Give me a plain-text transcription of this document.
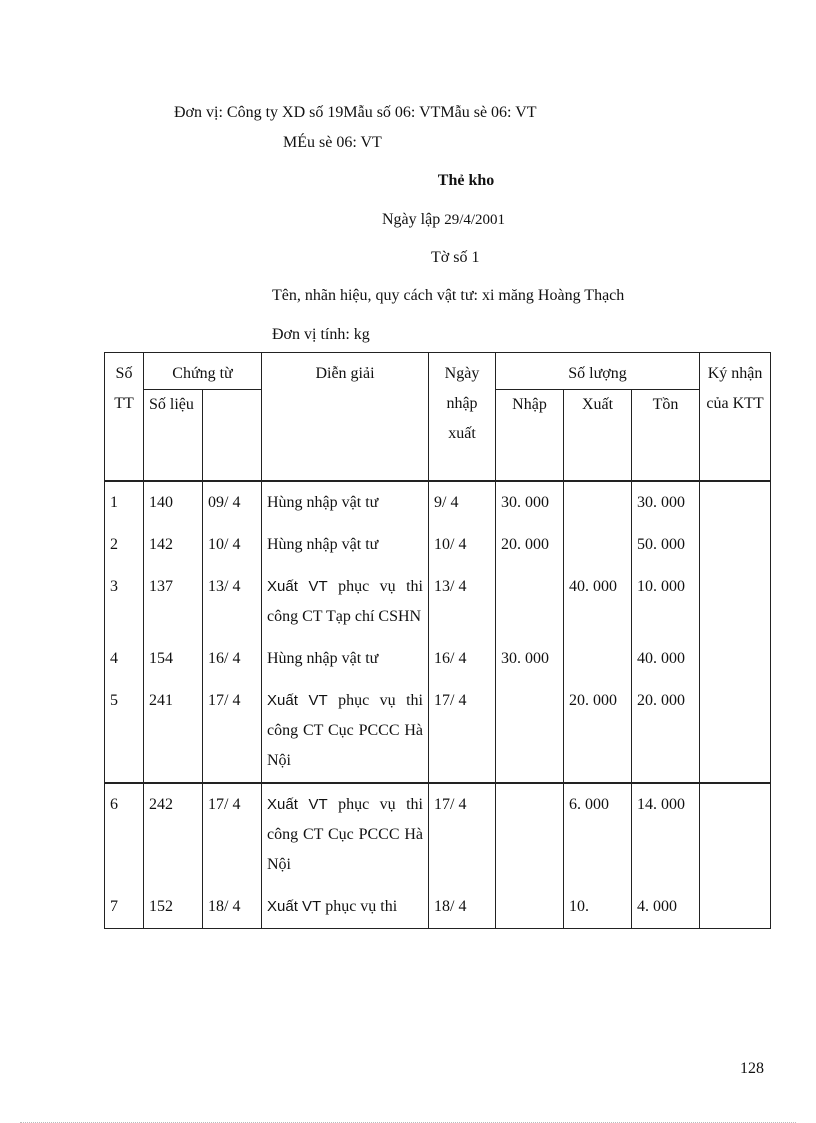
Đơn vị: Công ty XD số 19Mẫu số 06: VTMẫu sè 06: VT
MÉu sè 06: VT
Thẻ kho
Ngày lập 29/4/2001
Tờ số 1
Tên, nhãn hiệu, quy cách vật tư: xi măng Hoàng Thạch
Đơn vị tính: kg
Số TT	Chứng từ		Diễn giải	Ngày nhập xuất	Số lượng			Ký nhận của KTT
	Số liệu				Nhập	Xuất	Tồn	
1	140	09/ 4	Hùng nhập vật tư	9/ 4	30. 000		30. 000	
2	142	10/ 4	Hùng nhập vật tư	10/ 4	20. 000		50. 000	
3	137	13/ 4	Xuất VT phục vụ thi công CT Tạp chí CSHN	13/ 4		40. 000	10. 000	
4	154	16/ 4	Hùng nhập vật tư	16/ 4	30. 000		40. 000	
5	241	17/ 4	Xuất VT phục vụ thi công CT Cục PCCC Hà Nội	17/ 4		20. 000	20. 000	
6	242	17/ 4	Xuất VT phục vụ thi công CT Cục PCCC Hà Nội	17/ 4		6. 000	14. 000	
7	152	18/ 4	Xuất VT phục vụ thi	18/ 4		10.	4. 000	
128
